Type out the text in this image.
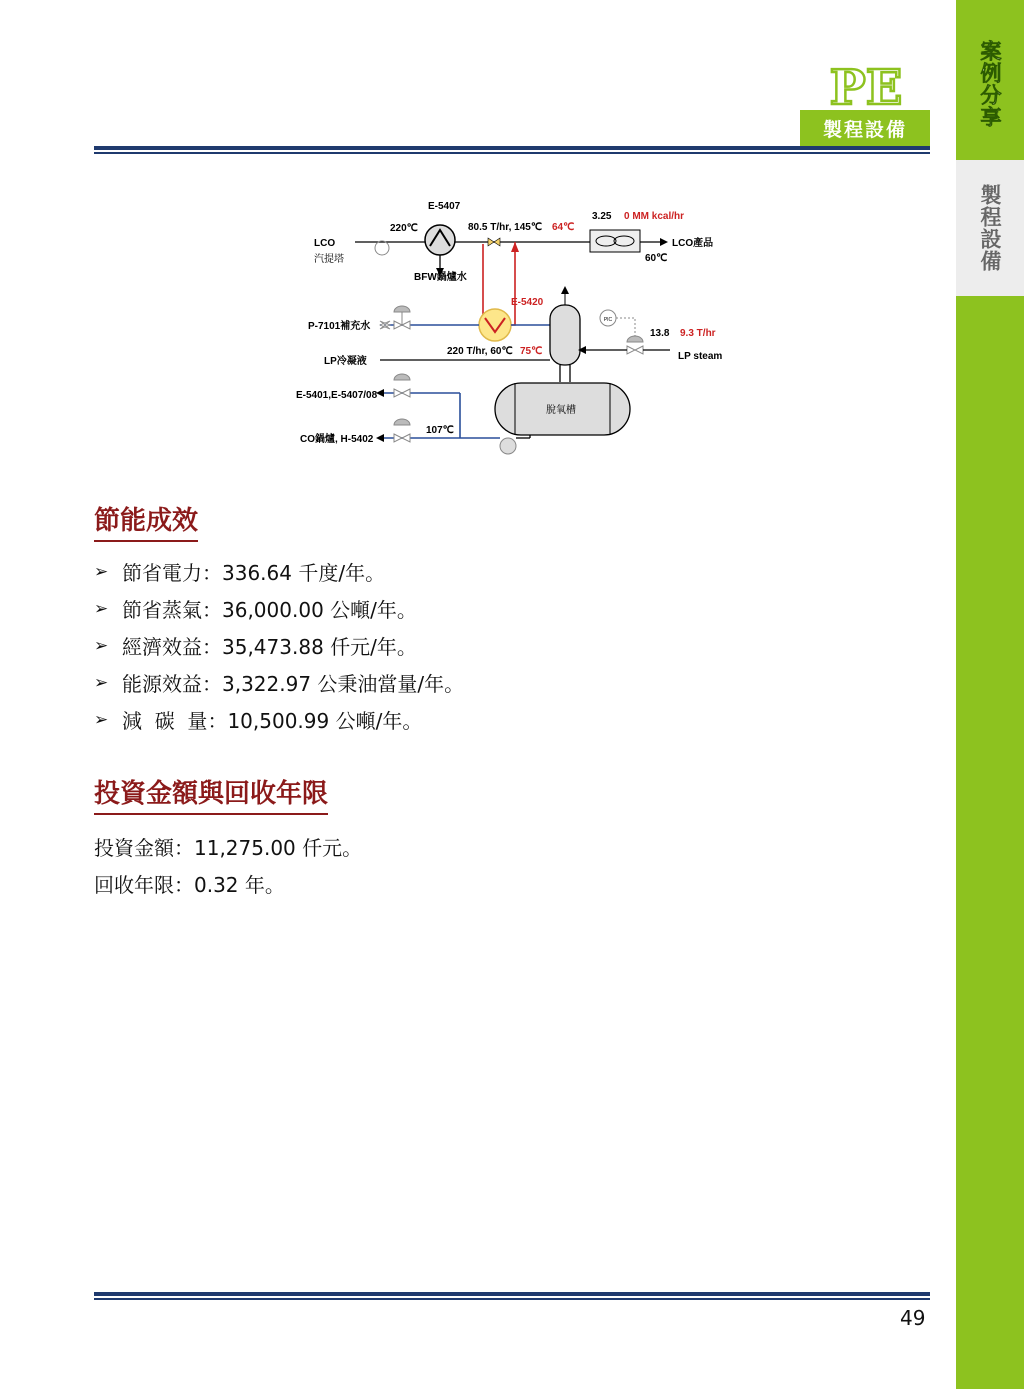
案例分享
製程設備
PE
製程設備
PIC
E-5407
220℃	80.5 T/hr, 145℃ 64℃
3.25 0 MM kcal/hr
LCO
汽提塔
LCO產品
60℃
BFW鍋爐水
E-5420
P-7101補充水
13.8 9.3 T/hr
LP冷凝液
220 T/hr, 60℃ 75℃	LP steam
E-5401,E-5407/08
脫氧槽
107℃
CO鍋爐, H-5402
節能成效
➢ 節省電力 ： 336.64 千度/年。
➢ 節省蒸氣 ： 36,000.00 公噸/年。
➢ 經濟效益 ： 35,473.88 仟元/年。
➢ 能源效益 ： 3,322.97 公秉油當量/年。
➢ 減  碳  量 ： 10,500.99 公噸/年。
投資金額與回收年限
投資金額：11,275.00 仟元。
回收年限：0.32 年。
49
